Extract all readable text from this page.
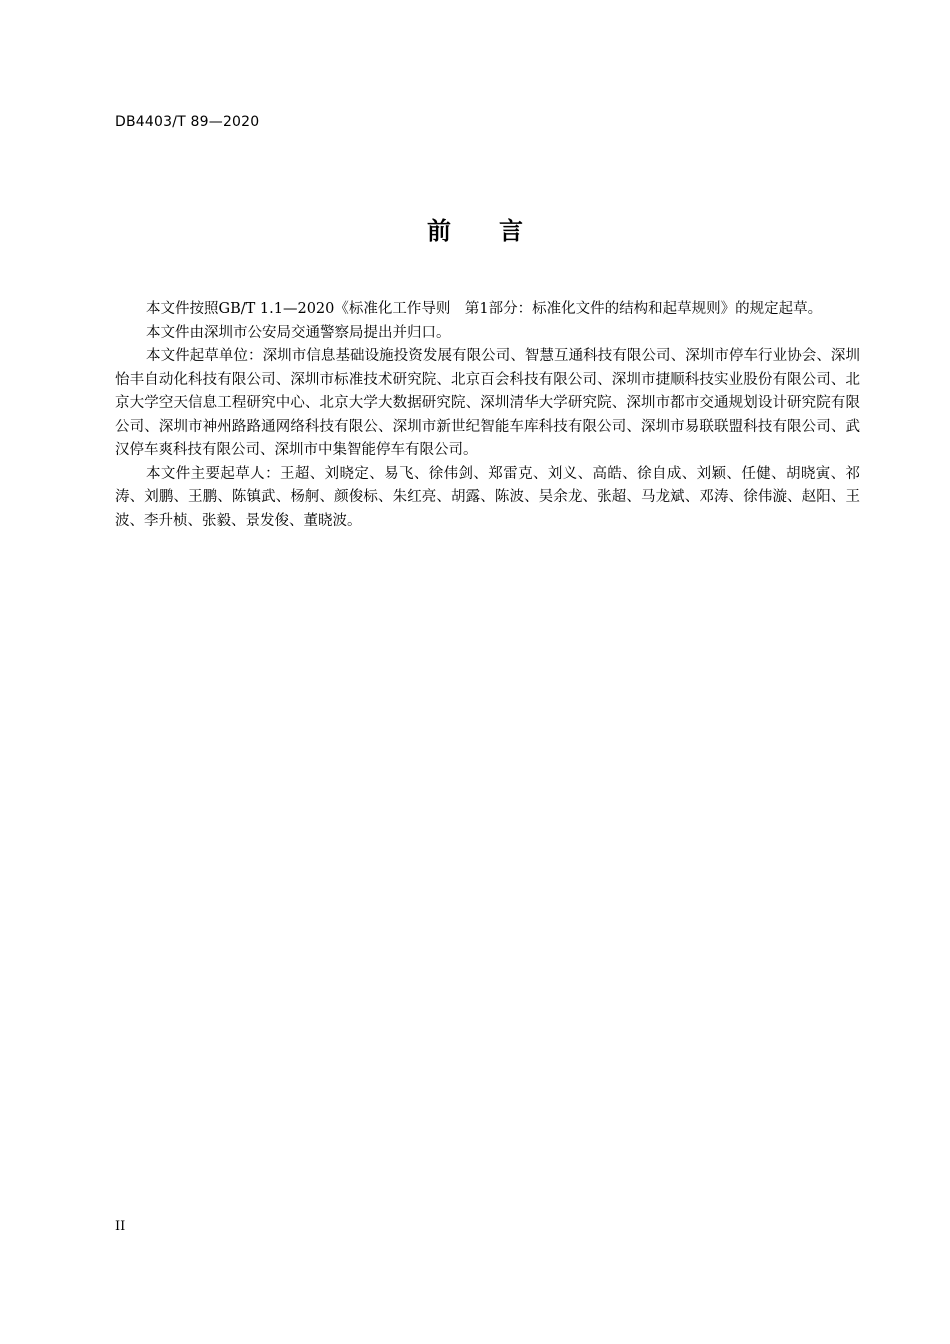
DB4403/T 89—2020
前言

本文件按照GB/T 1.1—2020《标准化工作导则　第1部分：标准化文件的结构和起草规则》的规定起草。

本文件由深圳市公安局交通警察局提出并归口。

本文件起草单位：深圳市信息基础设施投资发展有限公司、智慧互通科技有限公司、深圳市停车行业协会、深圳怡丰自动化科技有限公司、深圳市标准技术研究院、北京百会科技有限公司、深圳市捷顺科技实业股份有限公司、北京大学空天信息工程研究中心、北京大学大数据研究院、深圳清华大学研究院、深圳市都市交通规划设计研究院有限公司、深圳市神州路路通网络科技有限公、深圳市新世纪智能车库科技有限公司、深圳市易联联盟科技有限公司、武汉停车爽科技有限公司、深圳市中集智能停车有限公司。

本文件主要起草人：王超、刘晓定、易飞、徐伟剑、郑雷克、刘义、高皓、徐自成、刘颖、任健、胡晓寅、祁涛、刘鹏、王鹏、陈镇武、杨舸、颜俊标、朱红亮、胡露、陈波、吴余龙、张超、马龙斌、邓涛、徐伟漩、赵阳、王波、李升桢、张毅、景发俊、董晓波。

II
